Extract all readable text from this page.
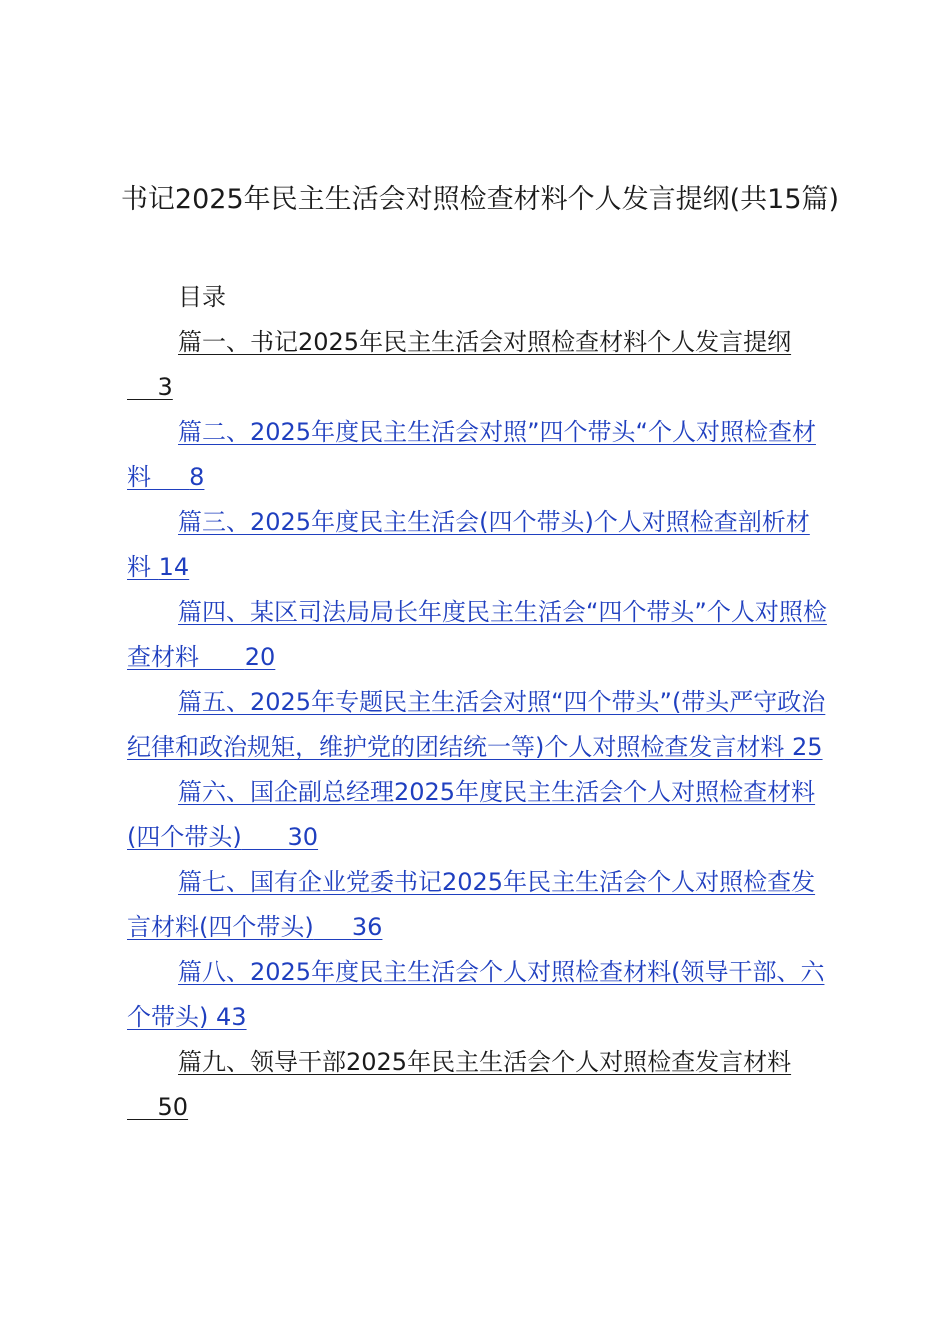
书记2025年民主生活会对照检查材料个人发言提纲(共15篇)
目录
篇一、书记2025年民主生活会对照检查材料个人发言提纲    3
篇二、2025年度民主生活会对照”四个带头“个人对照检查材料 8
篇三、2025年度民主生活会(四个带头)个人对照检查剖析材料 14
篇四、某区司法局局长年度民主生活会“四个带头”个人对照检查材料 20
篇五、2025年专题民主生活会对照“四个带头”(带头严守政治纪律和政治规矩，维护党的团结统一等)个人对照检查发言材料 25
篇六、国企副总经理2025年度民主生活会个人对照检查材料(四个带头) 30
篇七、国有企业党委书记2025年民主生活会个人对照检查发言材料(四个带头) 36
篇八、2025年度民主生活会个人对照检查材料(领导干部、六个带头) 43
篇九、领导干部2025年民主生活会个人对照检查发言材料    50
